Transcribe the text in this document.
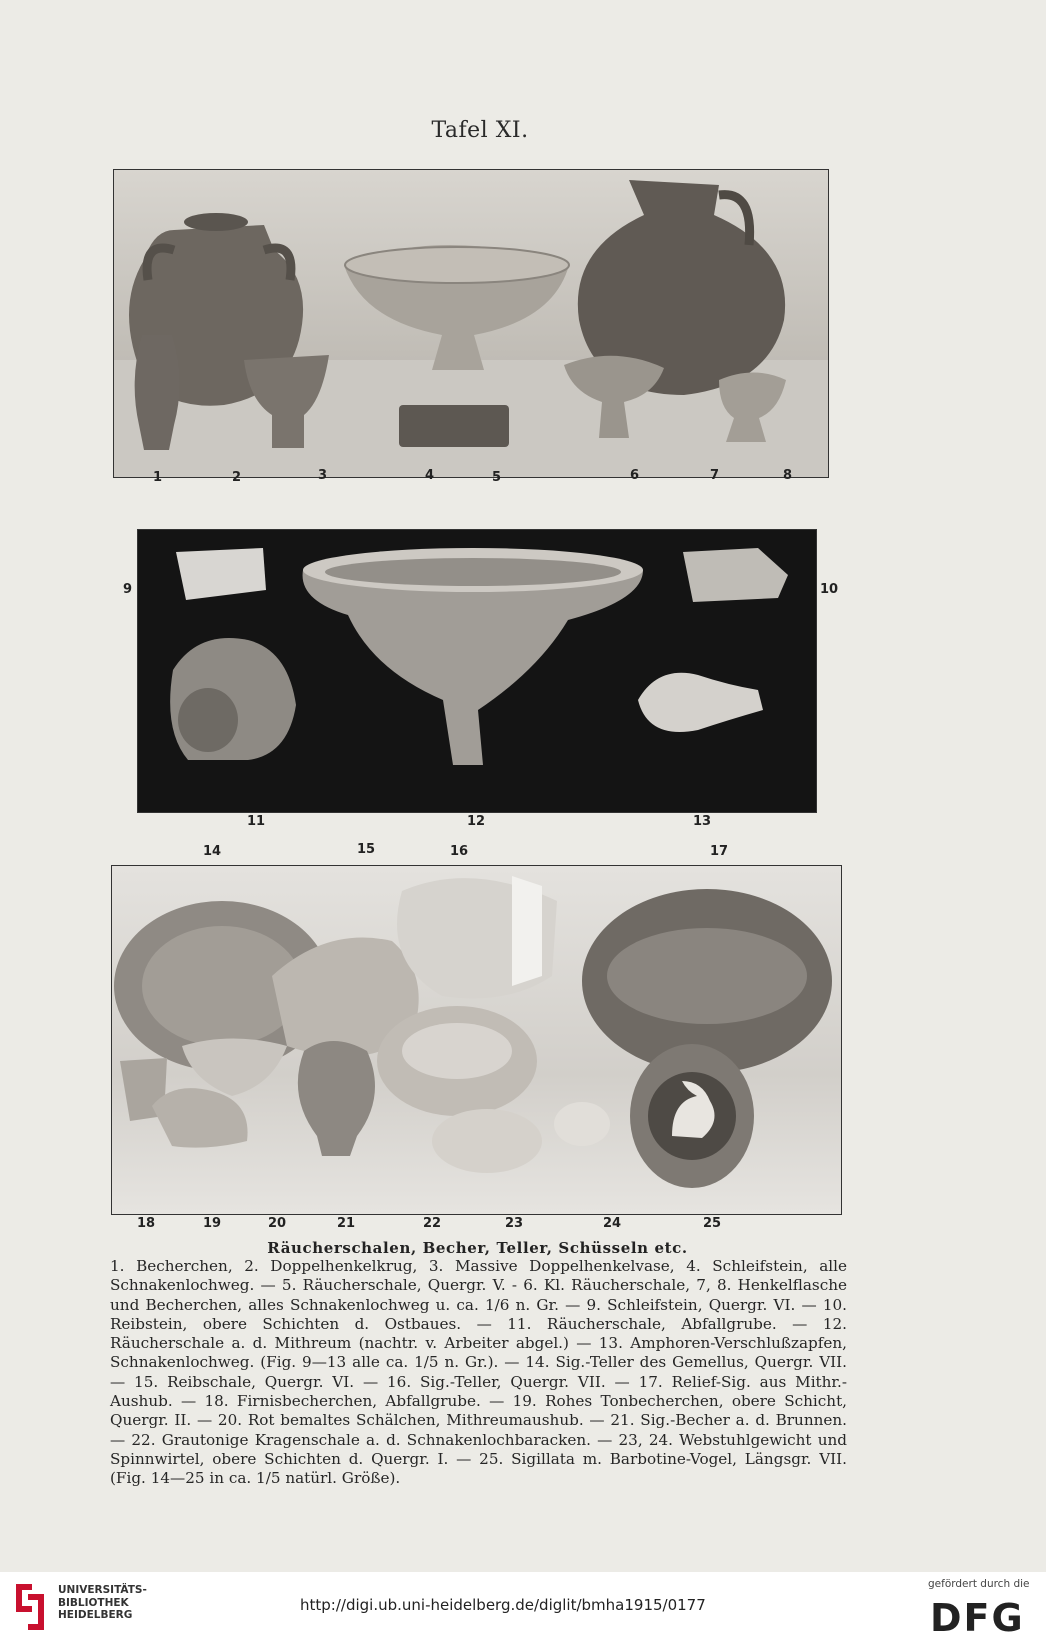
Tafel XI.
1	2	3	4	5	6	7	8
9	10
11	12	13
14	15	16	17
18	19	20	21	22	23	24	25
Räucherschalen, Becher, Teller, Schüsseln etc.
1. Becherchen, 2. Doppelhenkelkrug, 3. Massive Doppelhenkelvase, 4. Schleifstein, alle Schnakenlochweg. — 5. Räucherschale, Quergr. V. - 6. Kl. Räucherschale, 7, 8. Henkelflasche und Becherchen, alles Schnakenlochweg u. ca. 1/6 n. Gr. — 9. Schleifstein, Quergr. VI. — 10. Reibstein, obere Schichten d. Ostbaues. — 11. Räucherschale, Abfallgrube. — 12. Räucherschale a. d. Mithreum (nachtr. v. Arbeiter abgel.) — 13. Amphoren-Verschlußzapfen, Schnakenlochweg. (Fig. 9—13 alle ca. 1/5 n. Gr.). — 14. Sig.-Teller des Gemellus, Quergr. VII. — 15. Reibschale, Quergr. VI. — 16. Sig.-Teller, Quergr. VII. — 17. Relief-Sig. aus Mithr.-Aushub. — 18. Firnisbecherchen, Abfallgrube. — 19. Rohes Tonbecherchen, obere Schicht, Quergr. II. — 20. Rot bemaltes Schälchen, Mithreumaushub. — 21. Sig.-Becher a. d. Brunnen. — 22. Grautonige Kragenschale a. d. Schnakenlochbaracken. — 23, 24. Webstuhlgewicht und Spinnwirtel, obere Schichten d. Quergr. I. — 25. Sigillata m. Barbotine-Vogel, Längsgr. VII. (Fig. 14—25 in ca. 1/5 natürl. Größe).
UNIVERSITÄTS-
BIBLIOTHEK
HEIDELBERG
http://digi.ub.uni-heidelberg.de/diglit/bmha1915/0177
gefördert durch die
DFG
